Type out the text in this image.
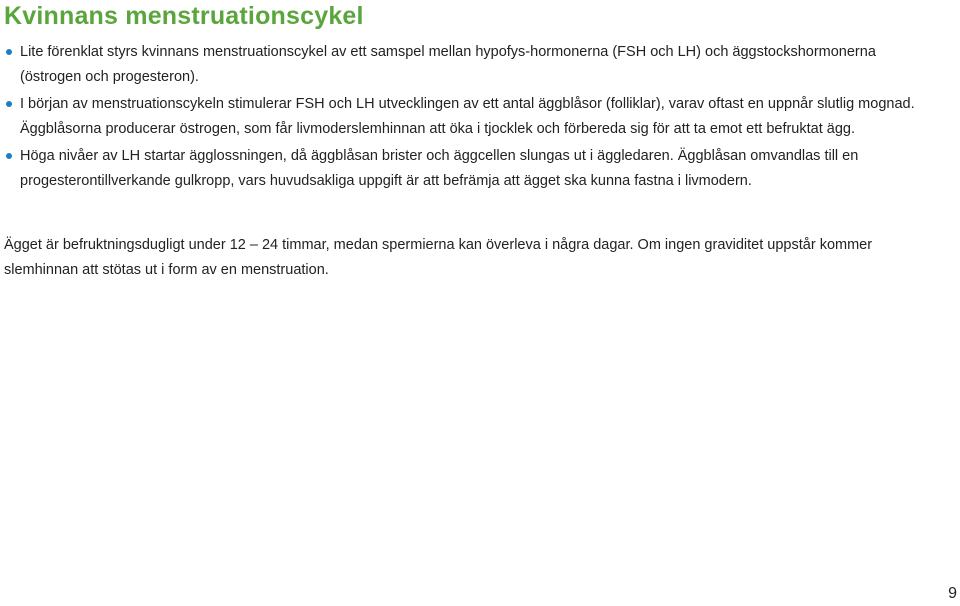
Kvinnans menstruationscykel
Lite förenklat styrs kvinnans menstruationscykel av ett samspel mellan hypofys-hormonerna (FSH och LH) och äggstockshormonerna (östrogen och progesteron).
I början av menstruationscykeln stimulerar FSH och LH utvecklingen av ett antal äggblåsor (folliklar), varav oftast en uppnår slutlig mognad. Äggblåsorna producerar östrogen, som får livmoderslemhinnan att öka i tjocklek och förbereda sig för att ta emot ett befruktat ägg.
Höga nivåer av LH startar ägglossningen, då äggblåsan brister och äggcellen slungas ut i äggledaren. Äggblåsan omvandlas till en progesterontillverkande gulkropp, vars huvudsakliga uppgift är att befrämja att ägget ska kunna fastna i livmodern.

Ägget är befruktningsdugligt under 12 – 24 timmar, medan spermierna kan överleva i några dagar. Om ingen graviditet uppstår kommer slemhinnan att stötas ut i form av en menstruation.

9
